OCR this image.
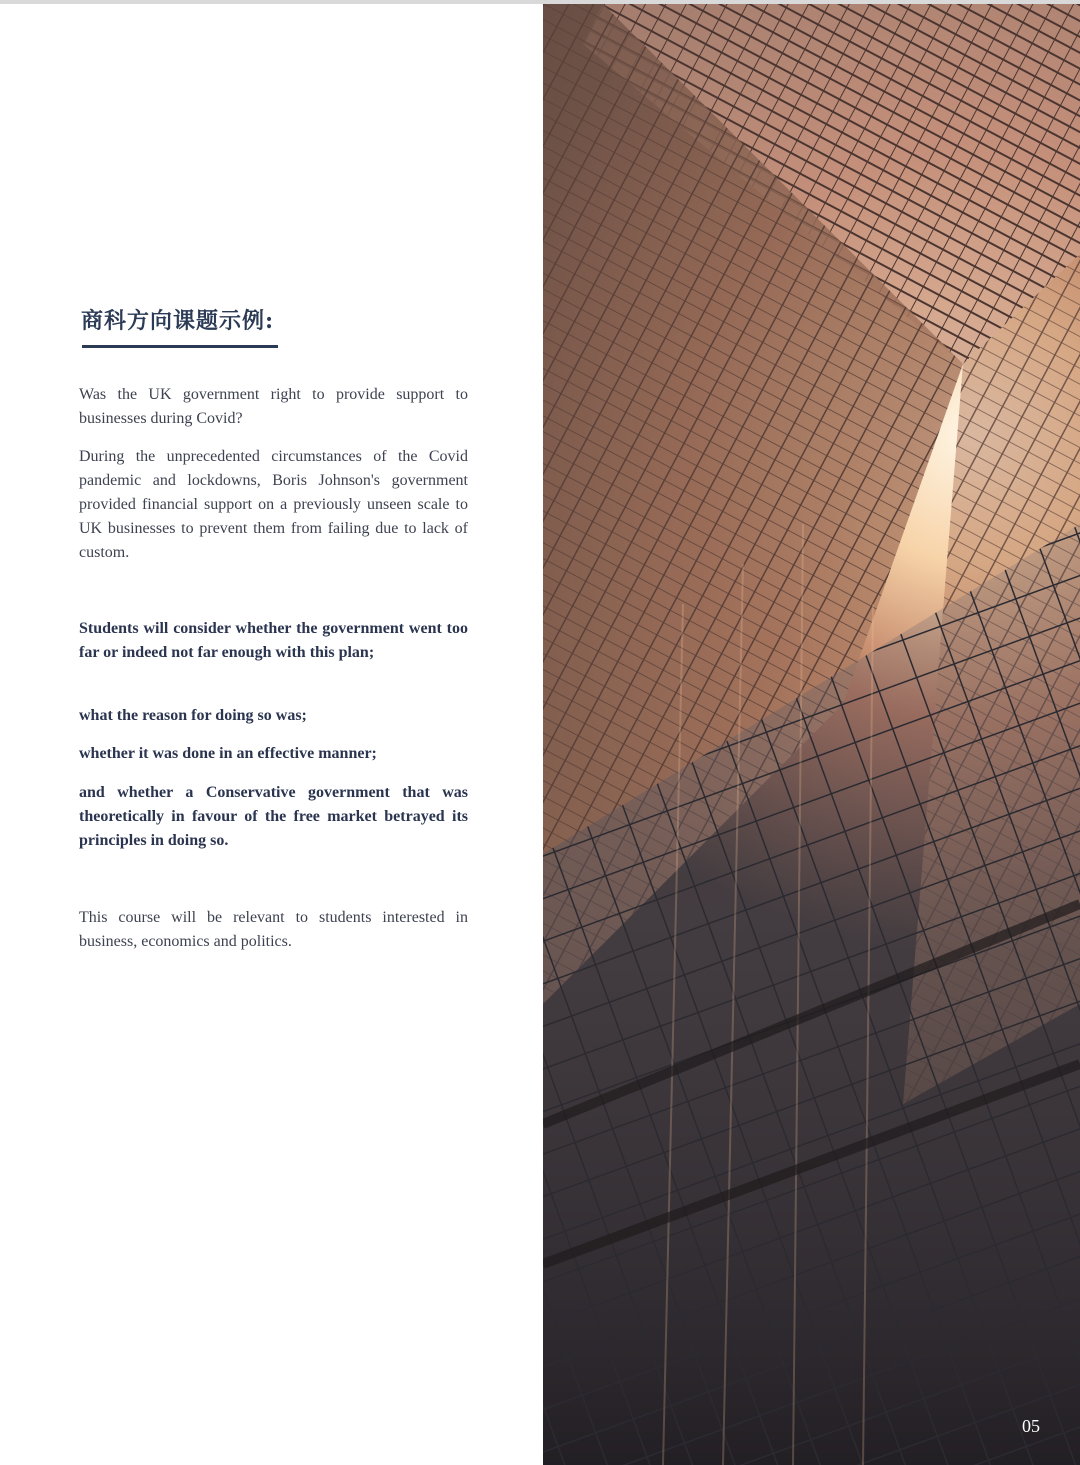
商科方向课题示例:

Was the UK government right to provide support to businesses during Covid?

During the unprecedented circumstances of the Covid pandemic and lockdowns, Boris Johnson's government provided financial support on a previously unseen scale to UK businesses to prevent them from failing due to lack of custom.

Students will consider whether the government went too far or indeed not far enough with this plan;

what the reason for doing so was;

whether it was done in an effective manner;

and whether a Conservative government that was theoretically in favour of the free market betrayed its principles in doing so.

This course will be relevant to students interested in business, economics and politics.

05
